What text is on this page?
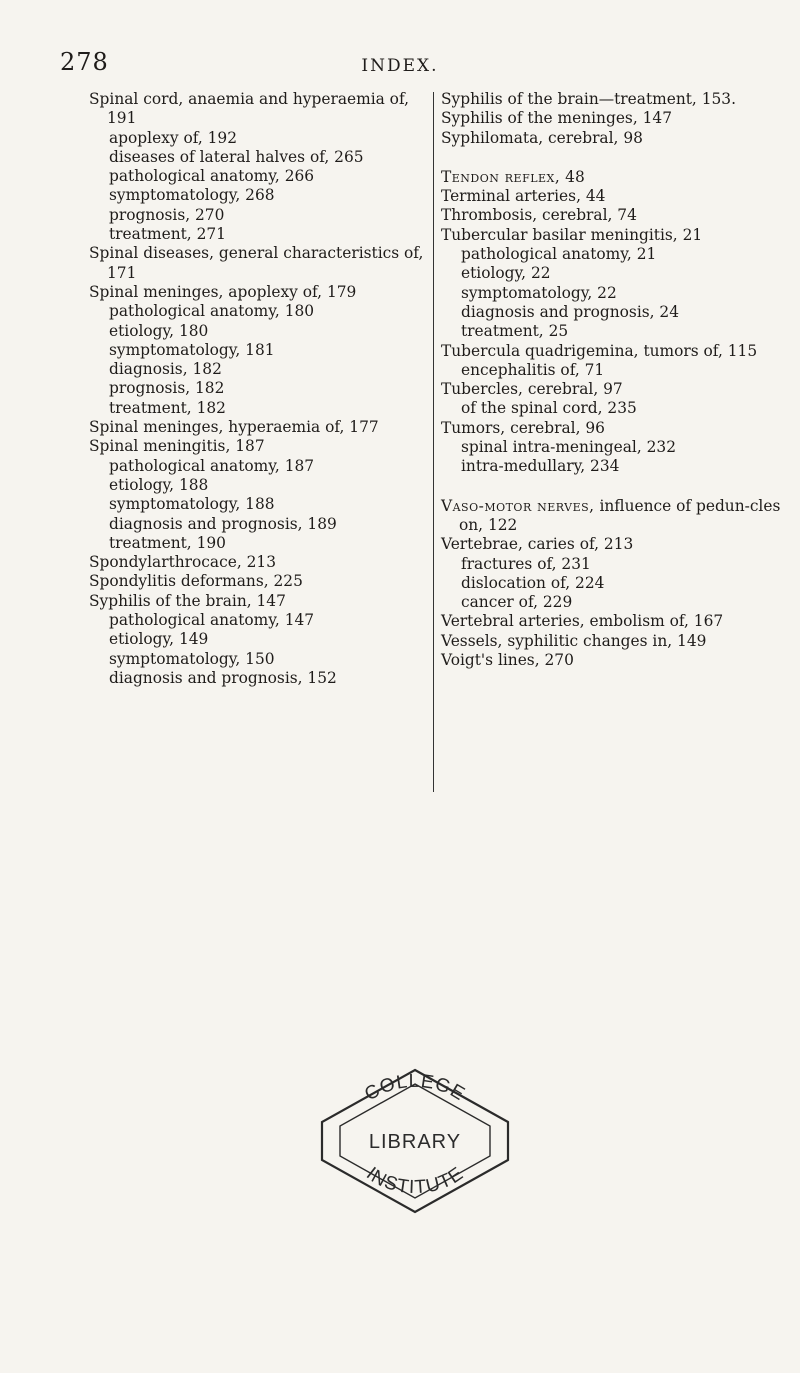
278	INDEX.

Spinal cord, anaemia and hyperaemia of, 191

apoplexy of, 192

diseases of lateral halves of, 265

pathological anatomy, 266

symptomatology, 268

prognosis, 270

treatment, 271

Spinal diseases, general characteristics of, 171

Spinal meninges, apoplexy of, 179

pathological anatomy, 180

etiology, 180

symptomatology, 181

diagnosis, 182

prognosis, 182

treatment, 182

Spinal meninges, hyperaemia of, 177

Spinal meningitis, 187

pathological anatomy, 187

etiology, 188

symptomatology, 188

diagnosis and prognosis, 189

treatment, 190

Spondylarthrocace, 213

Spondylitis deformans, 225

Syphilis of the brain, 147

pathological anatomy, 147

etiology, 149

symptomatology, 150

diagnosis and prognosis, 152

Syphilis of the brain—treatment, 153.

Syphilis of the meninges, 147

Syphilomata, cerebral, 98

Tendon reflex, 48

Terminal arteries, 44

Thrombosis, cerebral, 74

Tubercular basilar meningitis, 21

pathological anatomy, 21

etiology, 22

symptomatology, 22

diagnosis and prognosis, 24

treatment, 25

Tubercula quadrigemina, tumors of, 115

encephalitis of, 71

Tubercles, cerebral, 97

of the spinal cord, 235

Tumors, cerebral, 96

spinal intra-meningeal, 232

intra-medullary, 234

Vaso-motor nerves, influence of pedun-cles on, 122

Vertebrae, caries of, 213

fractures of, 231

dislocation of, 224

cancer of, 229

Vertebral arteries, embolism of, 167

Vessels, syphilitic changes in, 149

Voigt's lines, 270

COLLEGE
LIBRARY
INSTITUTE
